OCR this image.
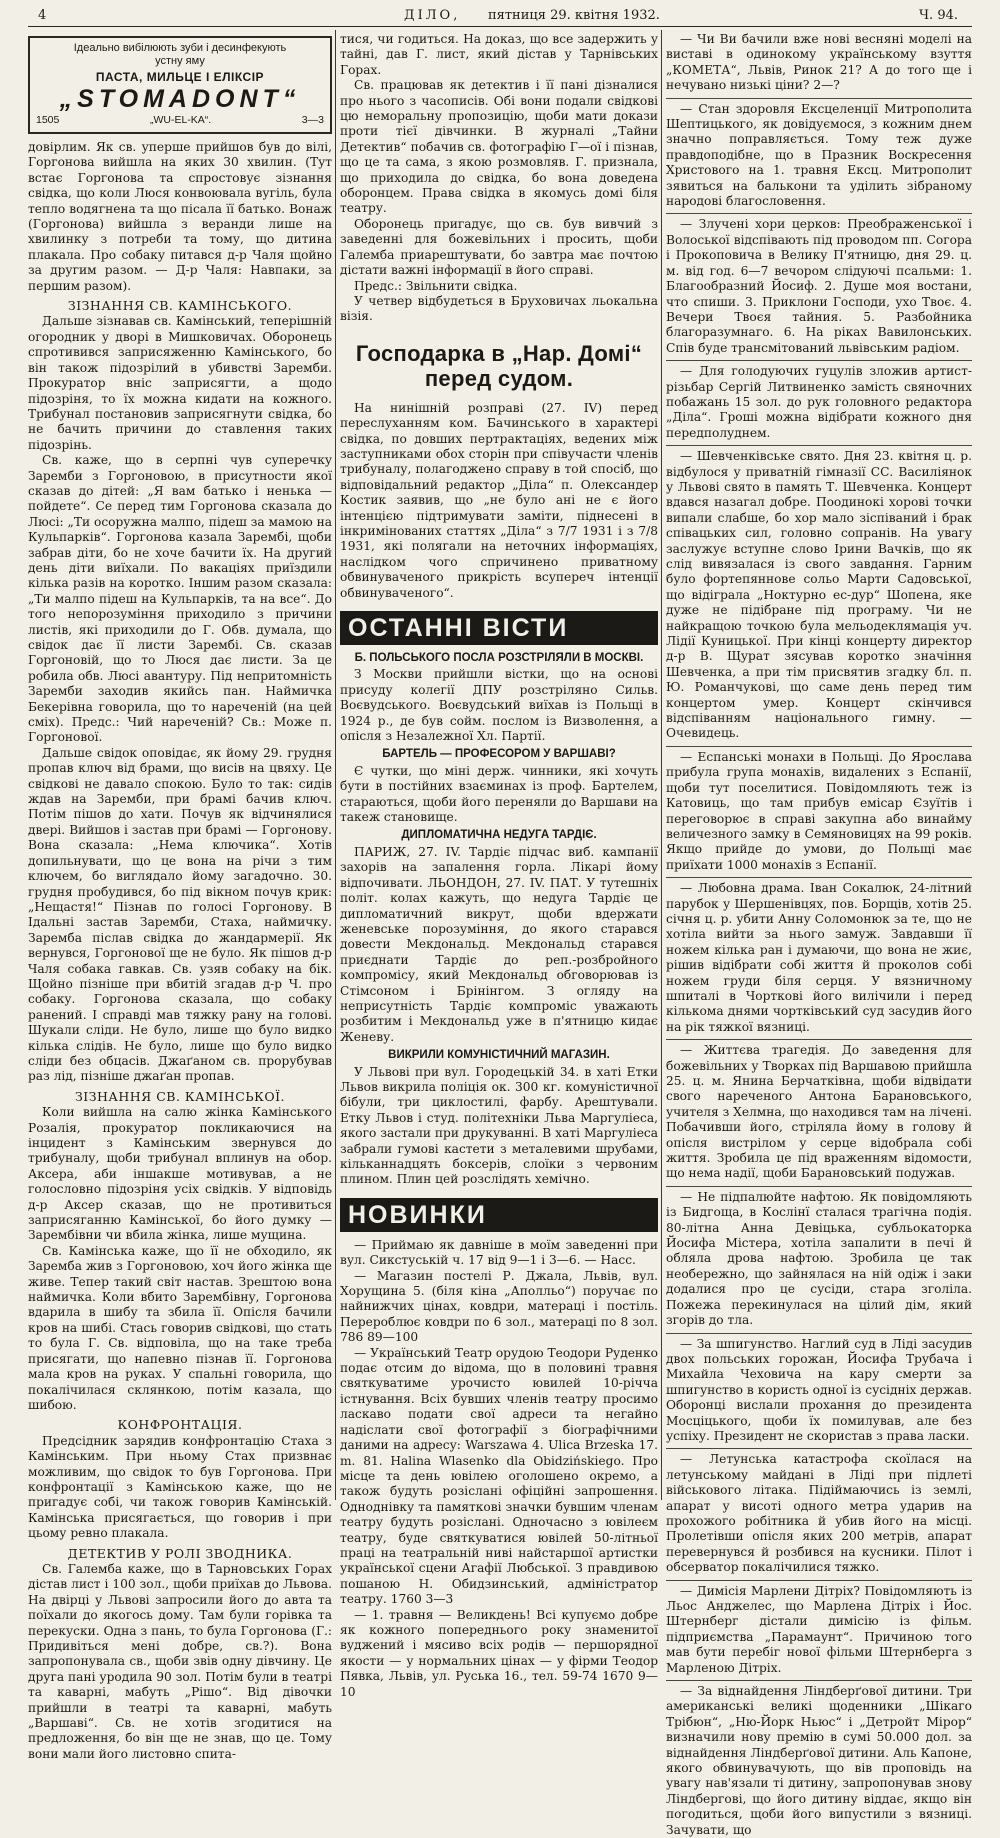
4	ДІЛО, пятниця 29. квітня 1932.	Ч. 94.
Ідеально вибілюють зуби і десинфекують
устну яму
ПАСТА, МИЛЬЦЕ І ЕЛІКСІР
„STOMADONT“
1505	„WU-EL-KA“.	3—3

довірлим. Як св. уперше прийшов був до вілі, Горгонова вийшла на яких 30 хвилин. (Тут встає Горгонова та спростовує зізнання свідка, що коли Люся конвоювала вугіль, була тепло водягнена та що пісала її батько. Вонаж (Горгонова) вийшла з веранди лише на хвилинку з потреби та тому, що дитина плакала. Про собаку питався д-р Чаля щойно за другим разом. — Д-р Чаля: Навпаки, за першим разом).

ЗІЗНАННЯ СВ. КАМІНСЬКОГО.

Дальше зізнавав св. Камінський, теперішній огородник у дворі в Мишковичах. Оборонець спротивився заприсяженню Камінського, бо він також підозрілий в убивстві Заремби. Прокуратор вніс заприсягти, а щодо підозріня, то їх можна кидати на кожного. Трибунал постановив заприсягнути свідка, бо не бачить причини до ставлення таких підозрінь.

Св. каже, що в серпні чув суперечку Заремби з Горгоновою, в присутности якої сказав до дітей: „Я вам батько і ненька — пойдете“. Се перед тим Горгонова сказала до Люсі: „Ти осоружна малпо, підеш за мамою на Кульпарків“. Горгонова казала Зарембі, щоби забрав діти, бо не хоче бачити їх. На другий день діти виїхали. По вакаціях приїздили кілька разів на коротко. Іншим разом сказала: „Ти малпо підеш на Кульпарків, та на все“. До того непорозуміння приходило з причини листів, які приходили до Г. Обв. думала, що свідок дає її листи Зарембі. Св. сказав Горгоновій, що то Люся дає листи. За це робила обв. Люсі авантуру. Під непритомність Заремби заходив якийсь пан. Наймичка Бекерівна говорила, що то нареченій (на цей сміх). Предс.: Чий нареченій? Св.: Може п. Горгонової.

Дальше свідок оповідає, як йому 29. грудня пропав ключ від брами, що висів на цвяху. Це свідкові не давало спокою. Було то так: сидів ждав на Заремби, при брамі бачив ключ. Потім пішов до хати. Почув як відчинялися двері. Вийшов і застав при брамі — Горгонову. Вона сказала: „Нема ключика“. Хотів допильнувати, що це вона на річи з тим ключем, бо виглядало йому загадочно. 30. грудня пробудився, бо під вікном почув крик: „Нещастя!“ Пізнав по голосі Горгонову. В Ідальні застав Заремби, Стаха, наймичку. Заремба післав свідка до жандармерії. Як вернувся, Горгонової ще не було. Як пішов д-р Чаля собака гавкав. Св. узяв собаку на бік. Щойно пізніше при вбитій згадав д-р Ч. про собаку. Горгонова сказала, що собаку ранений. І справді мав тяжку рану на голові. Шукали сліди. Не було, лише що було видко кілька слідів. Не було, лише що було видко сліди без обцасів. Джаґаном св. прорубував раз лід, пізніше джаґан пропав.

ЗІЗНАННЯ СВ. КАМІНСЬКОЇ.

Коли вийшла на салю жінка Камінського Розалія, прокуратор покликаючися на інцидент з Камінським звернувся до трибуналу, щоби трибунал вплинув на обор. Аксера, аби іншакше мотивував, а не голословно підозріня усіх свідків. У відповідь д-р Аксер сказав, що не противиться заприсяганню Камінської, бо його думку — Зарембівни чи вбила жінка, лише мущина.

Св. Камінська каже, що її не обходило, як Заремба жив з Горгоновою, хоч його жінка ще живе. Тепер такий світ настав. Зрештою вона наймичка. Коли вбито Зарембівну, Горгонова вдарила в шибу та збила її. Опісля бачили кров на шибі. Стась говорив свідкові, що стать то була Г. Св. відповіла, що на таке треба присягати, що напевно пізнав її. Горгонова мала кров на руках. У спальні говорила, що покалічилася склянкою, потім казала, що шибою.

КОНФРОНТАЦІЯ.

Предсідник зарядив конфронтацію Стаха з Камінським. При ньому Стах призвнає можливим, що свідок то був Горгонова. При конфронтації з Камінською каже, що не пригадує собі, чи також говорив Камінській. Камінська присягається, що говорив і при цьому ревно плакала.

ДЕТЕКТИВ У РОЛІ ЗВОДНИКА.

Св. Галемба каже, що в Тарновських Горах дістав лист і 100 зол., щоби приїхав до Львова. На двірці у Львові запросили його до авта та поїхали до якогось дому. Там були горівка та перекуски. Одна з пань, то була Горгонова (Г.: Придивіться мені добре, св.?). Вона запропонувала св., щоби звів одну дівчину. Це друга пані уродила 90 зол. Потім були в театрі та каварні, мабуть „Рішо“. Від дівочки прийшли в театрі та каварні, мабуть „Варшаві“. Св. не хотів згодитися на предложення, бо він ще не знав, що це. Тому вони мали його листовно спита-

тися, чи годиться. На доказ, що все задержить у тайні, дав Г. лист, який дістав у Тарнівських Горах.

Св. працював як детектив і її пані дізналися про нього з часописів. Обі вони подали свідкові цю неморальну пропозицію, щоби мати докази проти тієї дівчинки. В журналі „Тайни Детектив“ побачив св. фотографію Г—ої і пізнав, що це та сама, з якою розмовляв. Г. признала, що приходила до свідка, бо вона доведена оборонцем. Права свідка в якомусь домі біля театру.

Оборонець пригадує, що св. був вивчий з заведенні для божевільних і просить, щоби Галемба приарештувати, бо завтра має почтою дістати важні інформації в його справі.

Предс.: Звільнити свідка.

У четвер відбудеться в Бруховичах льокальна візія.

Господарка в „Нар. Домі“ перед судом.

На нинішній розправі (27. IV) перед переслуханням ком. Бачинського в характері свідка, по довших пертрактаціях, ведених між заступниками обох сторін при співучасти членів трибуналу, полагоджено справу в той спосіб, що відповідальний редактор „Діла“ п. Олександер Костик заявив, що „не було ані не є його інтенцією підтримувати заміти, піднесені в інкримінованих статтях „Діла“ з 7/7 1931 і з 7/8 1931, які полягали на неточних інформаціях, наслідком чого спричинено приватному обвинуваченого прикрість всупереч інтенції обвинуваченого“.

ОСТАННІ ВІСТИ
Б. ПОЛЬСЬКОГО ПОСЛА РОЗСТРІЛЯЛИ В МОСКВІ.

З Москви прийшли вістки, що на основі присуду колегії ДПУ розстріляно Сильв. Воєвудського. Воєвудський виїхав із Польщі в 1924 р., де був сойм. послом із Визволення, а опісля з Незалежної Хл. Партії.

БАРТЕЛЬ — ПРОФЕСОРОМ У ВАРШАВІ?

Є чутки, що міні держ. чинники, які хочуть бути в постійних взаєминах із проф. Бартелем, стараються, щоби його переняли до Варшави на такеж становище.

ДИПЛОМАТИЧНА НЕДУГА ТАРДІЄ.

ПАРИЖ, 27. IV. Тардіє підчас виб. кампанії захорів на запалення горла. Лікарі йому відпочивати. ЛЬОНДОН, 27. IV. ПАТ. У тутешніх політ. колах кажуть, що недуга Тардіє це дипломатичний викрут, щоби вдержати женевське порозуміння, до якого старався довести Мекдональд. Мекдональд старався приєднати Тардіє до реп.-розбройного компромісу, який Мекдональд обговорював із Стімсоном і Брінінгом. З огляду на неприсутність Тардіє компроміс уважають розбитим і Мекдональд уже в п'ятницю кидає Женеву.

ВИКРИЛИ КОМУНІСТИЧНИЙ МАГАЗИН.

У Львові при вул. Городецькій 34. в хаті Етки Львов викрила поліція ок. 300 кг. комуністичної бібули, три циклостилі, фарбу. Арештували. Етку Львов і студ. політехніки Льва Маргуліеса, якого застали при друкуванні. В хаті Маргуліеса забрали гумові кастети з металевими шрубами, кільканнадцять боксерів, слоїки з червоним плином. Плин цей розслідять хемічно.

НОВИНКИ

— Приймаю як давніше в моїм заведенні при вул. Сикстуській ч. 17 від 9—1 і 3—6. — Насс.

— Магазин постелі Р. Джала, Львів, вул. Хорущина 5. (біля кіна „Аполльо“) поручає по найнижчих цінах, ковдри, матераці і постіль. Перероблює ковдри по 6 зол., матераці по 8 зол. 786 89—100

— Український Театр орудою Теодори Руденко подає отсим до відома, що в половині травня святкуватиме урочисто ювилей 10-річча істнування. Всіх бувших членів театру просимо ласкаво подати свої адреси та негайно надіслати свої фотографії з біографічними даними на адресу: Warszawa 4. Ulica Brzeska 17. m. 81. Halina Wlasenko dla Obidzińskiego. Про місце та день ювілею оголошено окремо, а також будуть розіслані офіційні запрошення. Одноднівку та памяткові значки бувшим членам театру будуть розіслані. Одночасно з ювілеєм театру, буде святкуватися ювілей 50-літньої праці на театральній ниві найстаршої артистки української сцени Агафії Любської. З правдивою пошаною Н. Обидзинський, адміністратор театру. 1760 3—3

— 1. травня — Великдень! Всі купуємо добре як кожного попереднього року знаменитої вуджений і мясиво всіх родів — першорядної якости — у нормальних цінах — у фірми Теодор Пявка, Львів, ул. Руська 16., тел. 59-74 1670 9—10

— Чи Ви бачили вже нові весняні моделі на виставі в одинокому українському взуття „КОМЕТА“, Львів, Ринок 21? А до того ще і нечувано низькі ціни? 2—?

— Стан здоровля Ексцеленції Митрополита Шептицького, як довідуємося, з кожним днем значно поправляється. Тому теж дуже правдоподібне, що в Празник Воскресення Христового на 1. травня Ексц. Митрополит зявиться на балькони та уділить зібраному народові благословення.

— Злучені хори церков: Преображенської і Волоської відспівають під проводом пп. Согора і Прокоповича в Велику П'ятницю, дня 29. ц. м. від год. 6—7 вечором слідуючі псальми: 1. Благообразний Йосиф. 2. Душе моя востани, что спиши. 3. Приклони Господи, ухо Твоє. 4. Вечери Твоєя тайния. 5. Разбойника благоразумнаго. 6. На ріках Вавилонських. Спів буде трансмітований львівським радіом.

— Для голодуючих гуцулів зложив артист-різьбар Сергій Литвиненко замість свяночних побажань 15 зол. до рук головного редактора „Діла“. Гроші можна відібрати кожного дня передполуднем.

— Шевченківське свято. Дня 23. квітня ц. р. відбулося у приватній гімназії СС. Василіянок у Львові свято в память Т. Шевченка. Концерт вдався назагал добре. Поодинокі хорові точки випали слабше, бо хор мало зіспіваний і брак співацьких сил, головно сопранів. На увагу заслужує вступне слово Ірини Вачків, що як слід вивязалася із свого завдання. Гарним було фортепяннове сольо Марти Садовської, що відіграла „Ноктурно ес-дур“ Шопена, яке дуже не підібране під програму. Чи не найкращою точкою була мельодеклямація уч. Лідії Куницької. При кінці концерту директор д-р В. Щурат зясував коротко значіння Шевченка, а при тім присвятив згадку бл. п. Ю. Романчукові, що саме день перед тим концертом умер. Концерт скінчився відспіванням національного гимну. — Очевидець.

— Еспанські монахи в Польщі. До Ярослава прибула група монахів, видалених з Еспанії, щоби тут поселитися. Повідомляють теж із Катовиць, що там прибув емісар Єзуїтів і переговорює в справі закупна або винайму величезного замку в Семяновицях на 99 років. Якщо прийде до умови, до Польщі має приїхати 1000 монахів з Еспанії.

— Любовна драма. Іван Сокалюк, 24-літний парубок у Шершенівцях, пов. Борщів, хотів 25. січня ц. р. убити Анну Соломонюк за те, що не хотіла вийти за нього замуж. Завдавши її ножем кілька ран і думаючи, що вона не жиє, рішив відібрати собі життя й проколов собі ножем груди біля серця. У вязничному шпиталі в Чорткові його вилічили і перед кількома днями чортківський суд засудив його на рік тяжкої вязниці.

— Життєва трагедія. До заведення для божевільних у Творках під Варшавою прийшла 25. ц. м. Янина Берчатківна, щоби відвідати свого нареченого Антона Барановського, учителя з Хелмна, що находився там на лічені. Побачивши його, стріляла йому в голову й опісля вистрілом у серце відобрала собі життя. Зробила це під враженням відомости, що нема надії, щоби Барановський подужав.

— Не підпалюйте нафтою. Як повідомляють із Бидгоща, в Кослінї сталася трагічна подія. 80-літна Анна Девіцька, субльокаторка Йосифа Містера, хотіла запалити в печі й обляла дрова нафтою. Зробила це так необережно, що зайнялася на ній одіж і заки додалися про це сусіди, стара зголіла. Пожежа перекинулася на цілий дім, який згорів до тла.

— За шпигунство. Наглий суд в Ліді засудив двох польських горожан, Йосифа Трубача і Михайла Чеховича на кару смерти за шпигунство в користь одної із сусідніх держав. Оборонці вислали прохання до президента Мосціцького, щоби їх помилував, але без успіху. Президент не скористав з права ласки.

— Летунська катастрофа скоїлася на летунському майдані в Ліді при підлеті військового літака. Підіймаючись із землі, апарат у висоті одного метра ударив на прохожого робітника й убив його на місці. Пролетівши опісля яких 200 метрів, апарат перевернувся й розбився на кусники. Пілот і обсерватор покалічилися тяжко.

— Димісія Марлени Дітріх? Повідомляють із Льос Анджелес, що Марлена Дітріх і Йос. Штернберг дістали димісію із фільм. підприємства „Парамаунт“. Причиною того мав бути перебіг нової фільми Штернберга з Марленою Дітріх.

— За віднайдення Ліндберґової дитини. Три американські великі щоденники „Шікаго Трібюн“, „Ню-Йорк Ньюс“ і „Детройт Мірор“ визначили нову премію в сумі 50.000 дол. за віднайдення Ліндберґової дитини. Аль Капоне, якого обвинувачують, що вів проповідь на увагу нав'язали ті дитину, запропонував знову Ліндбергові, що його дитину віддає, якщо він погодиться, щоби його випустили з вязниці. Зачувати, що
